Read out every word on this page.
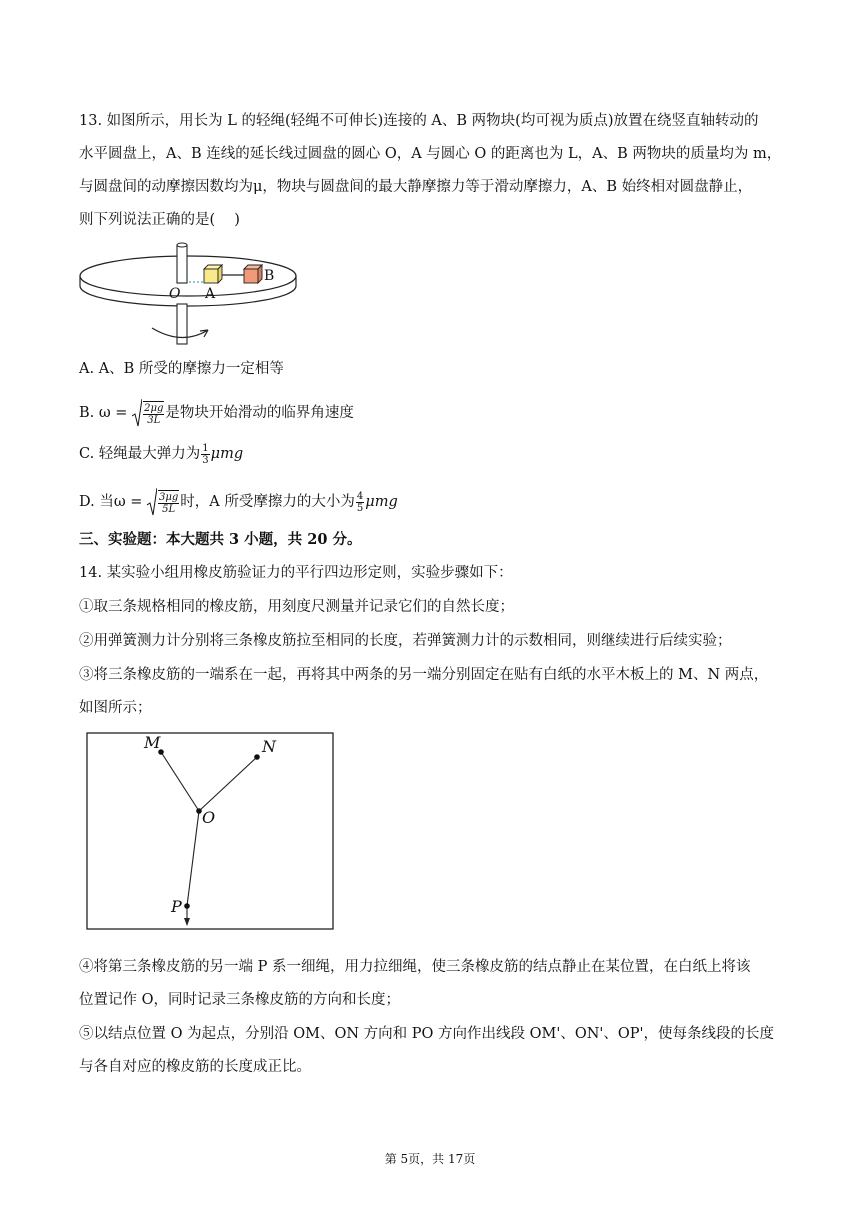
13. 如图所示，用长为 L 的轻绳(轻绳不可伸长)连接的 A、B 两物块(均可视为质点)放置在绕竖直轴转动的
水平圆盘上，A、B 连线的延长线过圆盘的圆心 O，A 与圆心 O 的距离也为 L，A、B 两物块的质量均为 m，
与圆盘间的动摩擦因数均为μ，物块与圆盘间的最大静摩擦力等于滑动摩擦力，A、B 始终相对圆盘静止，
则下列说法正确的是(　 )
O A
B
A. A、B 所受的摩擦力一定相等
B. $\omega = \frac{2\mu g}{3L}$ 是物块开始滑动的临界角速度
C. 轻绳最大弹力为 $\frac{1}{3}$ μmg
D. 当$\omega = \frac{3\mu g}{5L}$ 时，A 所受摩擦力的大小为 $\frac{4}{5}$ μmg
三、实验题：本大题共 3 小题，共 20 分。
14. 某实验小组用橡皮筋验证力的平行四边形定则，实验步骤如下：
①取三条规格相同的橡皮筋，用刻度尺测量并记录它们的自然长度；
②用弹簧测力计分别将三条橡皮筋拉至相同的长度，若弹簧测力计的示数相同，则继续进行后续实验；
③将三条橡皮筋的一端系在一起，再将其中两条的另一端分别固定在贴有白纸的水平木板上的 M、N 两点，
如图所示；
M	N
O
P
④将第三条橡皮筋的另一端 P 系一细绳，用力拉细绳，使三条橡皮筋的结点静止在某位置，在白纸上将该
位置记作 O，同时记录三条橡皮筋的方向和长度；
⑤以结点位置 O 为起点，分别沿 OM、ON 方向和 PO 方向作出线段 OM'、ON'、OP'，使每条线段的长度
与各自对应的橡皮筋的长度成正比。
第 5页，共 17页
